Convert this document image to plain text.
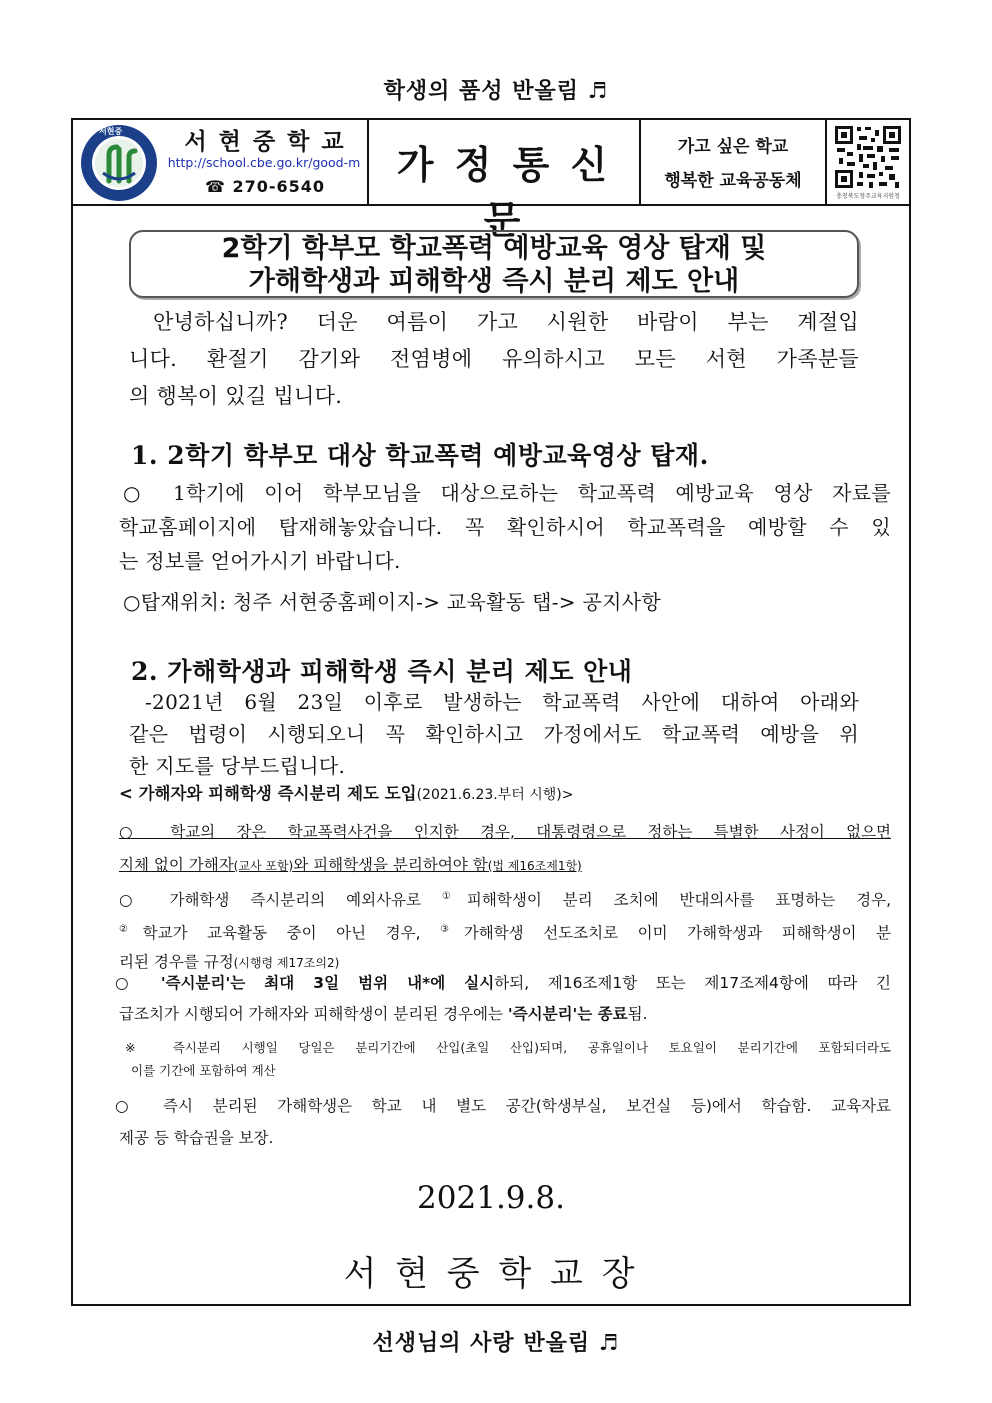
학생의 품성 반올림 ♬
서현중	서 현 중 학 교
http://school.cbe.go.kr/good-m
☎ 270-6540	가 정 통 신 문
가고 싶은 학교
행복한 교육공동체
충청북도청주교육지원청
2학기 학부모 학교폭력 예방교육 영상 탑재 및
가해학생과 피해학생 즉시 분리 제도 안내
안녕하십니까? 더운 여름이 가고 시원한 바람이 부는 계절입
니다. 환절기 감기와 전염병에 유의하시고 모든 서현 가족분들
의 행복이 있길 빕니다.
1. 2학기 학부모 대상 학교폭력 예방교육영상 탑재.
○ 1학기에 이어 학부모님을 대상으로하는 학교폭력 예방교육 영상 자료를
학교홈페이지에 탑재해놓았습니다. 꼭 확인하시어 학교폭력을 예방할 수 있
는 정보를 얻어가시기 바랍니다.
○탑재위치: 청주 서현중홈페이지-> 교육활동 탭-> 공지사항
2. 가해학생과 피해학생 즉시 분리 제도 안내
-2021년 6월 23일 이후로 발생하는 학교폭력 사안에 대하여 아래와
같은 법령이 시행되오니 꼭 확인하시고 가정에서도 학교폭력 예방을 위
한 지도를 당부드립니다.
< 가해자와 피해학생 즉시분리 제도 도입(2021.6.23.부터 시행)>
○ 학교의 장은 학교폭력사건을 인지한 경우, 대통령령으로 정하는 특별한 사정이 없으면
지체 없이 가해자(교사 포함)와 피해학생을 분리하여야 함(법 제16조제1항)
○ 가해학생 즉시분리의 예외사유로 ①피해학생이 분리 조치에 반대의사를 표명하는 경우,
②학교가 교육활동 중이 아닌 경우, ③가해학생 선도조치로 이미 가해학생과 피해학생이 분
리된 경우를 규정(시행령 제17조의2)
○ '즉시분리'는 최대 3일 범위 내*에 실시하되, 제16조제1항 또는 제17조제4항에 따라 긴
급조치가 시행되어 가해자와 피해학생이 분리된 경우에는 '즉시분리'는 종료됨.
※ 즉시분리 시행일 당일은 분리기간에 산입(초일 산입)되며, 공휴일이나 토요일이 분리기간에 포함되더라도
이를 기간에 포함하여 계산
○ 즉시 분리된 가해학생은 학교 내 별도 공간(학생부실, 보건실 등)에서 학습함. 교육자료
제공 등 학습권을 보장.
2021.9.8.
서 현 중 학 교 장
선생님의 사랑 반올림 ♬
